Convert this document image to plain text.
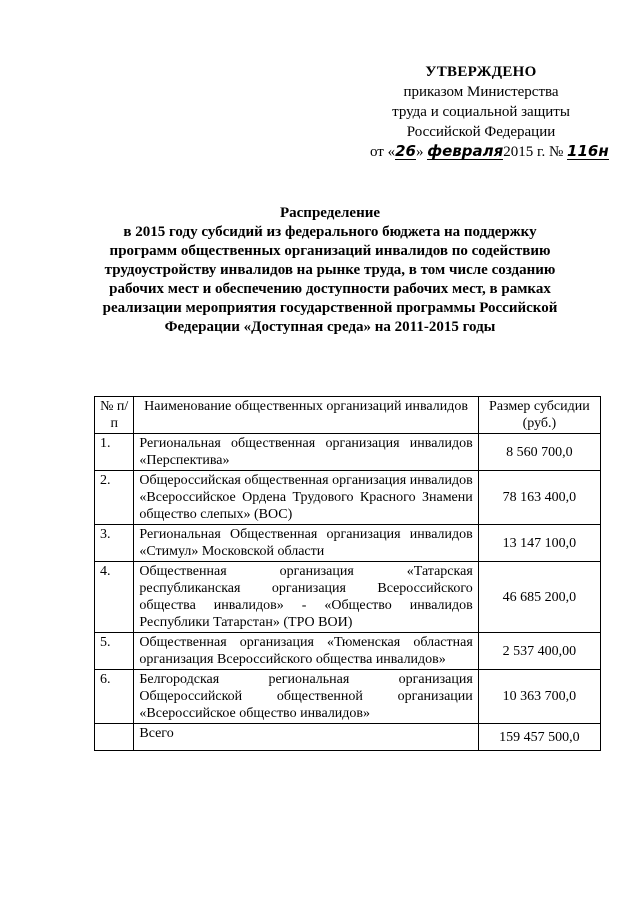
УТВЕРЖДЕНО
приказом Министерства
труда и социальной защиты
Российской Федерации
от «26» февраля2015 г. № 116н
Распределение
в 2015 году субсидий из федерального бюджета на поддержку
программ общественных организаций инвалидов по содействию
трудоустройству инвалидов на рынке труда, в том числе созданию
рабочих мест и обеспечению доступности рабочих мест, в рамках
реализации мероприятия государственной программы Российской
Федерации «Доступная среда» на 2011-2015 годы
№ п/п	Наименование общественных организаций инвалидов	Размер субсидии (руб.)
1.	Региональная общественная организация инвалидов «Перспектива»	8 560 700,0
2.	Общероссийская общественная организация инвалидов «Всероссийское Ордена Трудового Красного Знамени общество слепых» (ВОС)	78 163 400,0
3.	Региональная Общественная организация инвалидов «Стимул» Московской области	13 147 100,0
4.	Общественная организация «Татарская республиканская организация Всероссийского общества инвалидов» - «Общество инвалидов Республики Татарстан» (ТРО ВОИ)	46 685 200,0
5.	Общественная организация «Тюменская областная организация Всероссийского общества инвалидов»	2 537 400,00
6.	Белгородская региональная организация Общероссийской общественной организации «Всероссийское общество инвалидов»	10 363 700,0
	Всего	159 457 500,0
